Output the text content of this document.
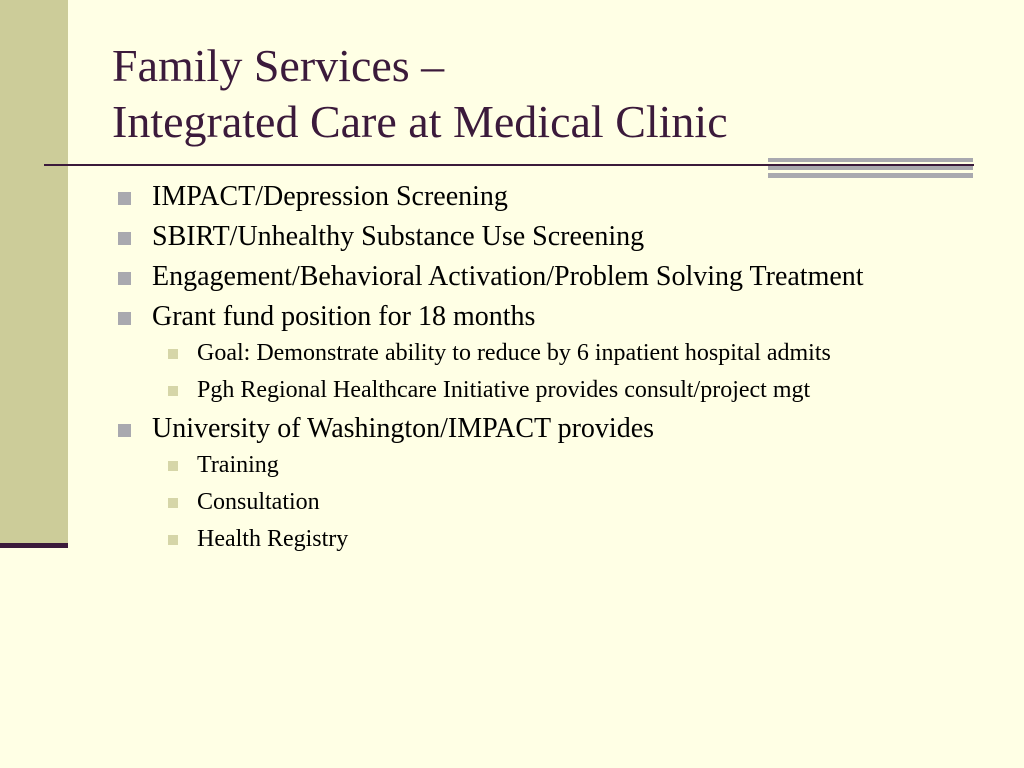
Family Services –
Integrated Care at Medical Clinic
IMPACT/Depression Screening
SBIRT/Unhealthy Substance Use Screening
Engagement/Behavioral Activation/Problem Solving Treatment
Grant fund position for 18 months
Goal: Demonstrate ability to reduce by 6 inpatient hospital admits
Pgh Regional Healthcare Initiative provides consult/project mgt
University of Washington/IMPACT provides
Training
Consultation
Health Registry
